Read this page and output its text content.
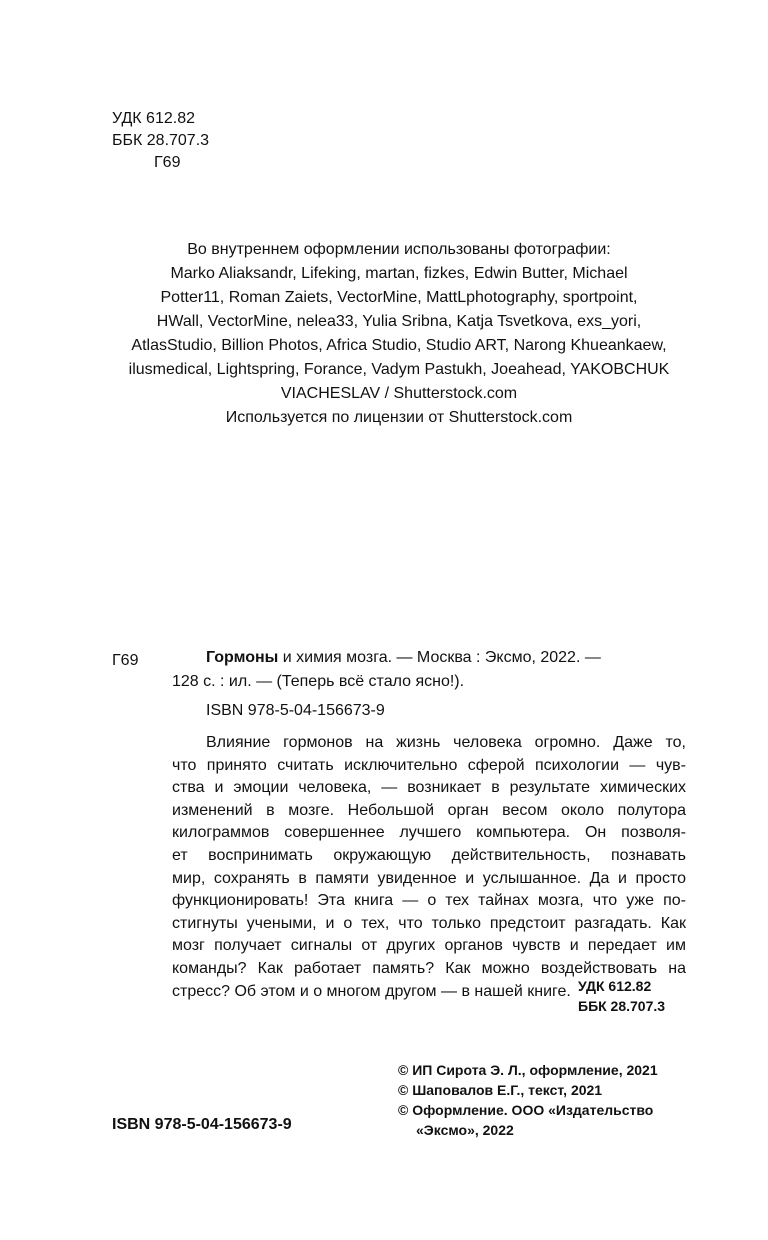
УДК 612.82
ББК 28.707.3
Г69
Во внутреннем оформлении использованы фотографии:
Marko Aliaksandr, Lifeking, martan, fizkes, Edwin Butter, Michael
Potter11, Roman Zaiets, VectorMine, MattLphotography, sportpoint,
HWall, VectorMine, nelea33, Yulia Sribna, Katja Tsvetkova, exs_yori,
AtlasStudio, Billion Photos, Africa Studio, Studio ART, Narong Khueankaew,
ilusmedical, Lightspring, Forance, Vadym Pastukh, Joeahead, YAKOBCHUK
VIACHESLAV / Shutterstock.com
Используется по лицензии от Shutterstock.com
Г69	Гормоны и химия мозга. — Москва : Эксмо, 2022. —
128 с. : ил. — (Теперь всё стало ясно!).
ISBN 978-5-04-156673-9
Влияние гормонов на жизнь человека огромно. Даже то,
что принято считать исключительно сферой психологии — чув-
ства и эмоции человека, — возникает в результате химических
изменений в мозге. Небольшой орган весом около полутора
килограммов совершеннее лучшего компьютера. Он позволя-
ет воспринимать окружающую действительность, познавать
мир, сохранять в памяти увиденное и услышанное. Да и просто
функционировать! Эта книга — о тех тайнах мозга, что уже по-
стигнуты учеными, и о тех, что только предстоит разгадать. Как
мозг получает сигналы от других органов чувств и передает им
команды? Как работает память? Как можно воздействовать на
стресс? Об этом и о многом другом — в нашей книге. УДК 612.82
ББК 28.707.3
© ИП Сирота Э. Л., оформление, 2021
© Шаповалов Е.Г., текст, 2021
© Оформление. ООО «Издательство
«Эксмо», 2022
ISBN 978-5-04-156673-9
